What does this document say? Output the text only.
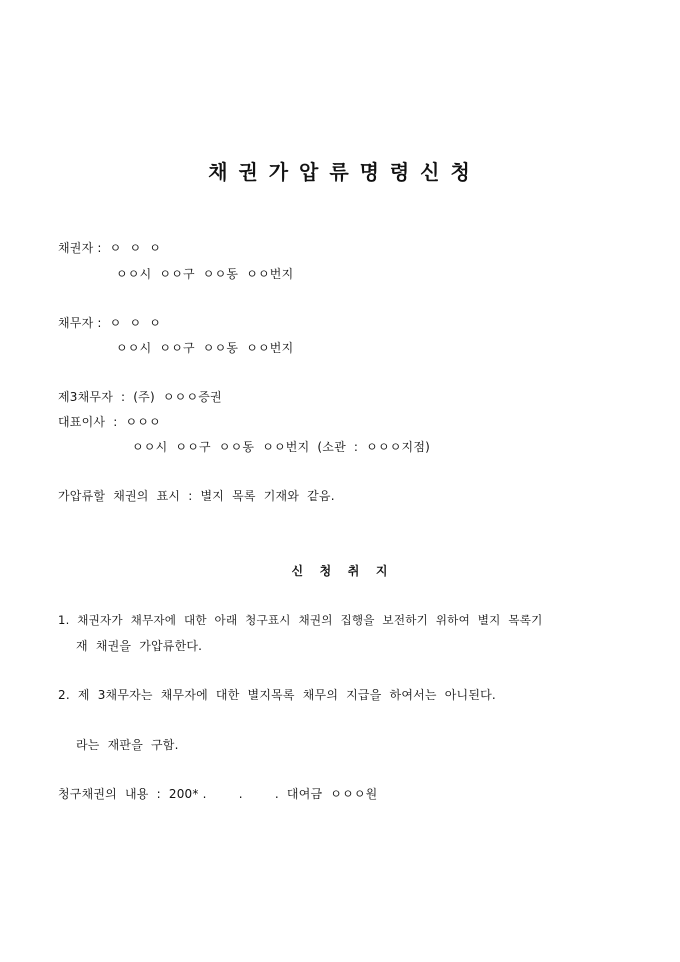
채 권 가 압 류 명 령 신 청
채권자 :  ㅇ  ㅇ  ㅇ
ㅇㅇ시  ㅇㅇ구  ㅇㅇ동  ㅇㅇ번지
채무자 :  ㅇ  ㅇ  ㅇ
ㅇㅇ시  ㅇㅇ구  ㅇㅇ동  ㅇㅇ번지
제3채무자  :  (주)  ㅇㅇㅇ증권
대표이사  :  ㅇㅇㅇ
ㅇㅇ시  ㅇㅇ구  ㅇㅇ동  ㅇㅇ번지  (소관  :  ㅇㅇㅇ지점)
가압류할  채권의  표시  :  별지  목록  기재와  같음.
신   청   취   지
1.  채권자가  채무자에  대한  아래  청구표시  채권의  집행을  보전하기  위하여  별지  목록기
재  채권을  가압류한다.
2.  제  3채무자는  채무자에  대한  별지목록  채무의  지급을  하여서는  아니된다.
라는  재판을  구함.
청구채권의  내용  :  200* .        .        .  대여금  ㅇㅇㅇ원
